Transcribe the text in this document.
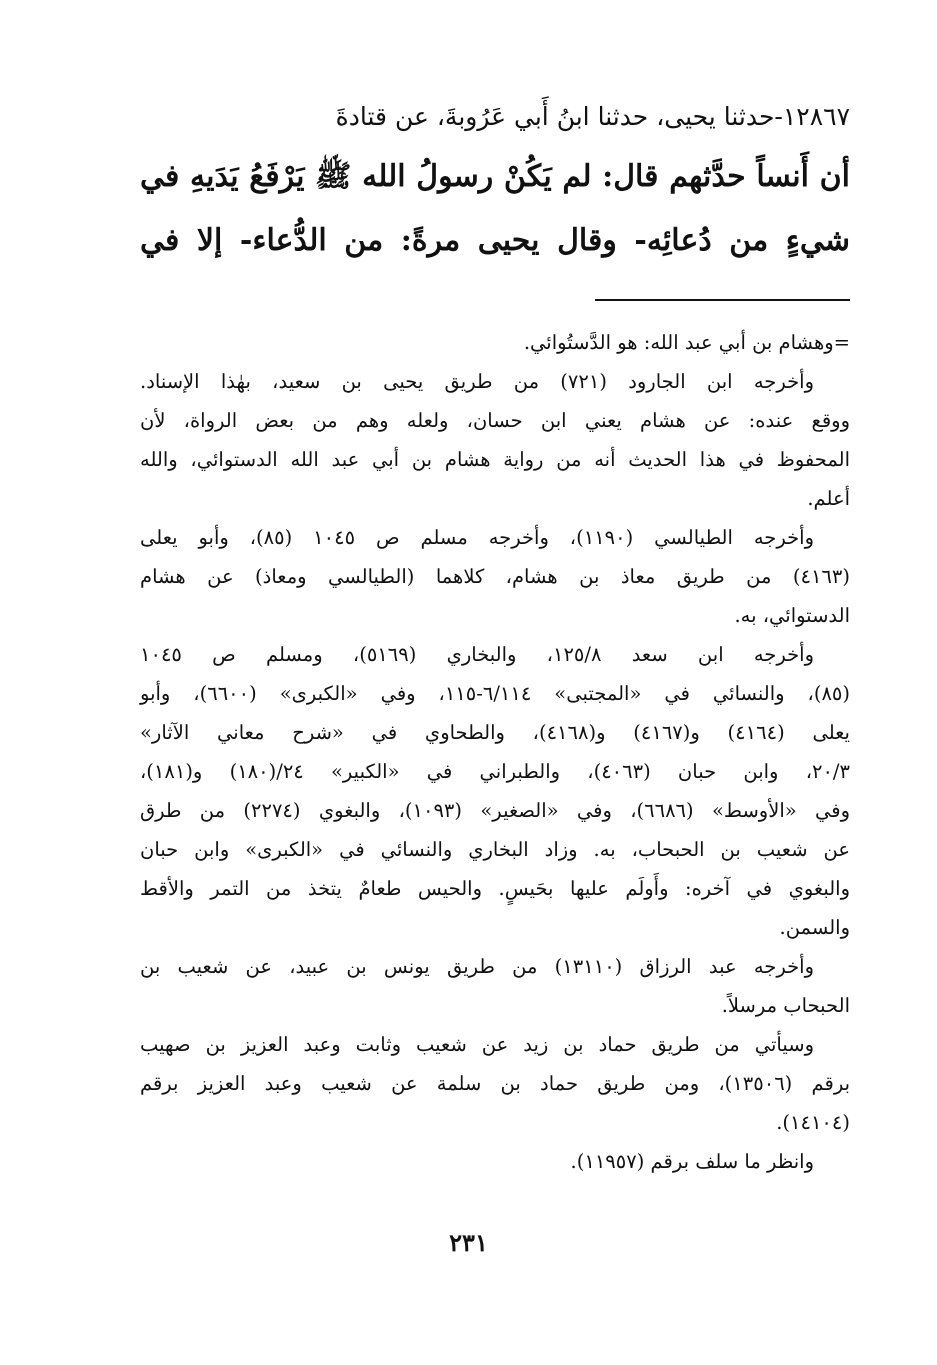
١٢٨٦٧-حدثنا يحيى، حدثنا ابنُ أَبي عَرُوبةَ، عن قتادةَ
أن أَنساً حدَّثهم قال: لم يَكُنْ رسولُ الله ﷺ يَرْفَعُ يَدَيهِ في
شيءٍ من دُعائِه- وقال يحيى مرةً: من الدُّعاء- إلا في

=وهشام بن أبي عبد الله: هو الدَّستُوائي.

وأخرجه ابن الجارود (٧٢١) من طريق يحيى بن سعيد، بهٰذا الإسناد.
ووقع عنده: عن هشام يعني ابن حسان، ولعله وهم من بعض الرواة، لأن
المحفوظ في هذا الحديث أنه من رواية هشام بن أبي عبد الله الدستوائي، والله
أعلم.

وأخرجه الطيالسي (١١٩٠)، وأخرجه مسلم ص ١٠٤٥ (٨٥)، وأبو يعلى
(٤١٦٣) من طريق معاذ بن هشام، كلاهما (الطيالسي ومعاذ) عن هشام
الدستوائي، به.

وأخرجه ابن سعد ١٢٥/٨، والبخاري (٥١٦٩)، ومسلم ص ١٠٤٥
(٨٥)، والنسائي في «المجتبى» ٦/١١٤-١١٥، وفي «الكبرى» (٦٦٠٠)، وأبو
يعلى (٤١٦٤) و(٤١٦٧) و(٤١٦٨)، والطحاوي في «شرح معاني الآثار»
٢٠/٣، وابن حبان (٤٠٦٣)، والطبراني في «الكبير» ٢٤/(١٨٠) و(١٨١)،
وفي «الأوسط» (٦٦٨٦)، وفي «الصغير» (١٠٩٣)، والبغوي (٢٢٧٤) من طرق
عن شعيب بن الحبحاب، به. وزاد البخاري والنسائي في «الكبرى» وابن حبان
والبغوي في آخره: وأَولَم عليها بحَيسٍ. والحيس طعامٌ يتخذ من التمر والأقط
والسمن.

وأخرجه عبد الرزاق (١٣١١٠) من طريق يونس بن عبيد، عن شعيب بن
الحبحاب مرسلاً.

وسيأتي من طريق حماد بن زيد عن شعيب وثابت وعبد العزيز بن صهيب
برقم (١٣٥٠٦)، ومن طريق حماد بن سلمة عن شعيب وعبد العزيز برقم
(١٤١٠٤).

وانظر ما سلف برقم (١١٩٥٧).

٢٣١
